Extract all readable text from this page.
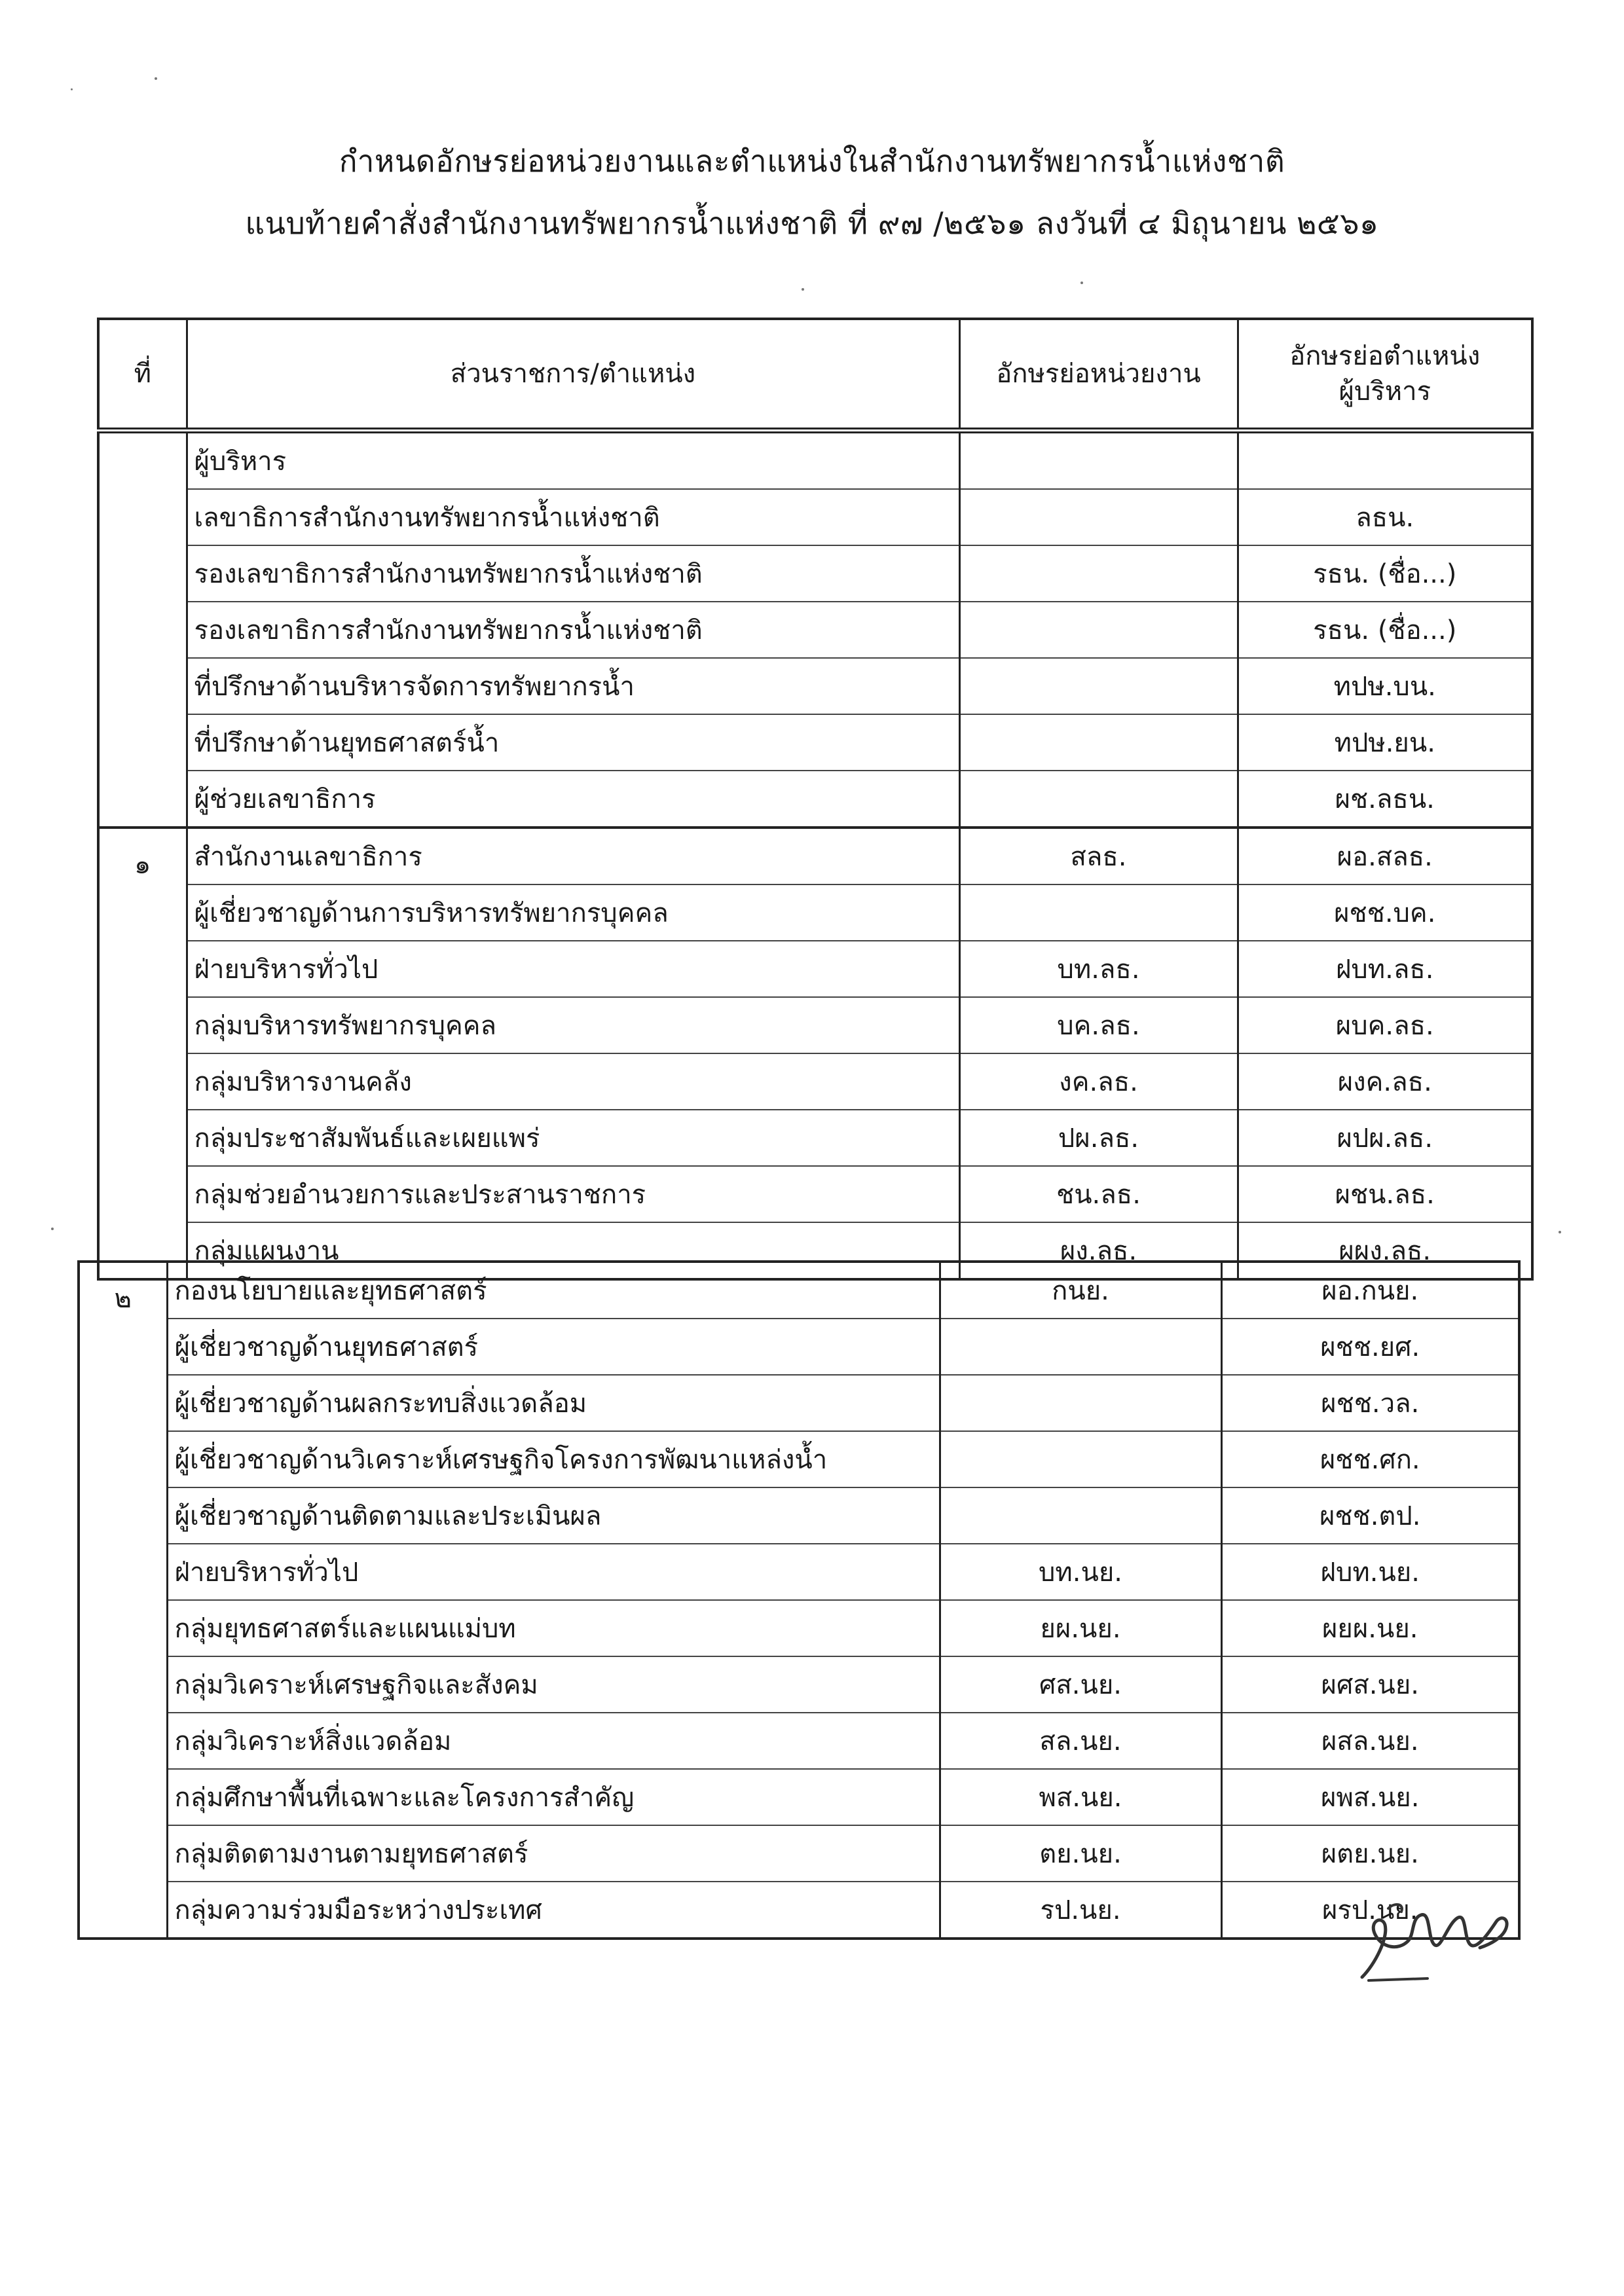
กำหนดอักษรย่อหน่วยงานและตำแหน่งในสำนักงานทรัพยากรน้ำแห่งชาติ
แนบท้ายคำสั่งสำนักงานทรัพยากรน้ำแห่งชาติ ที่ ๙๗ /๒๕๖๑ ลงวันที่ ๔ มิถุนายน ๒๕๖๑
ที่	ส่วนราชการ/ตำแหน่ง	อักษรย่อหน่วยงาน	อักษรย่อตำแหน่ง
ผู้บริหาร

	ผู้บริหาร		
	เลขาธิการสำนักงานทรัพยากรน้ำแห่งชาติ		ลธน.
	รองเลขาธิการสำนักงานทรัพยากรน้ำแห่งชาติ		รธน. (ชื่อ...)
	รองเลขาธิการสำนักงานทรัพยากรน้ำแห่งชาติ		รธน. (ชื่อ...)
	ที่ปรึกษาด้านบริหารจัดการทรัพยากรน้ำ		ทปษ.บน.
	ที่ปรึกษาด้านยุทธศาสตร์น้ำ		ทปษ.ยน.
	ผู้ช่วยเลขาธิการ		ผช.ลธน.
๑	สำนักงานเลขาธิการ	สลธ.	ผอ.สลธ.
	ผู้เชี่ยวชาญด้านการบริหารทรัพยากรบุคคล		ผชช.บค.
	ฝ่ายบริหารทั่วไป	บท.ลธ.	ฝบท.ลธ.
	กลุ่มบริหารทรัพยากรบุคคล	บค.ลธ.	ผบค.ลธ.
	กลุ่มบริหารงานคลัง	งค.ลธ.	ผงค.ลธ.
	กลุ่มประชาสัมพันธ์และเผยแพร่	ปผ.ลธ.	ผปผ.ลธ.
	กลุ่มช่วยอำนวยการและประสานราชการ	ชน.ลธ.	ผชน.ลธ.
	กลุ่มแผนงาน	ผง.ลธ.	ผผง.ลธ.
๒	กองนโยบายและยุทธศาสตร์	กนย.	ผอ.กนย.
	ผู้เชี่ยวชาญด้านยุทธศาสตร์		ผชช.ยศ.
	ผู้เชี่ยวชาญด้านผลกระทบสิ่งแวดล้อม		ผชช.วล.
	ผู้เชี่ยวชาญด้านวิเคราะห์เศรษฐกิจโครงการพัฒนาแหล่งน้ำ		ผชช.ศก.
	ผู้เชี่ยวชาญด้านติดตามและประเมินผล		ผชช.ตป.
	ฝ่ายบริหารทั่วไป	บท.นย.	ฝบท.นย.
	กลุ่มยุทธศาสตร์และแผนแม่บท	ยผ.นย.	ผยผ.นย.
	กลุ่มวิเคราะห์เศรษฐกิจและสังคม	ศส.นย.	ผศส.นย.
	กลุ่มวิเคราะห์สิ่งแวดล้อม	สล.นย.	ผสล.นย.
	กลุ่มศึกษาพื้นที่เฉพาะและโครงการสำคัญ	พส.นย.	ผพส.นย.
	กลุ่มติดตามงานตามยุทธศาสตร์	ตย.นย.	ผตย.นย.
	กลุ่มความร่วมมือระหว่างประเทศ	รป.นย.	ผรป.นย.
